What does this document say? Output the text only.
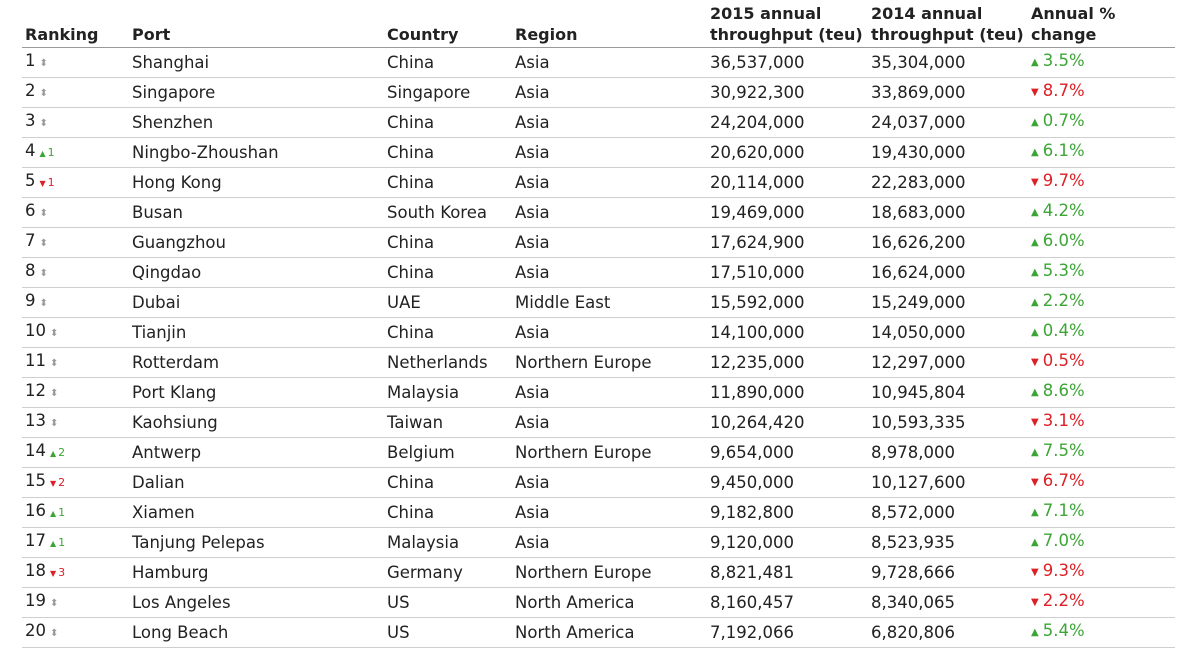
Ranking	Port	Country	Region	2015 annual throughput (teu)	2014 annual throughput (teu)	Annual % change
1 ⬍	Shanghai	China	Asia	36,537,000	35,304,000	▲ 3.5%
2 ⬍	Singapore	Singapore	Asia	30,922,300	33,869,000	▼ 8.7%
3 ⬍	Shenzhen	China	Asia	24,204,000	24,037,000	▲ 0.7%
4 ▲ 1	Ningbo-Zhoushan	China	Asia	20,620,000	19,430,000	▲ 6.1%
5 ▼ 1	Hong Kong	China	Asia	20,114,000	22,283,000	▼ 9.7%
6 ⬍	Busan	South Korea	Asia	19,469,000	18,683,000	▲ 4.2%
7 ⬍	Guangzhou	China	Asia	17,624,900	16,626,200	▲ 6.0%
8 ⬍	Qingdao	China	Asia	17,510,000	16,624,000	▲ 5.3%
9 ⬍	Dubai	UAE	Middle East	15,592,000	15,249,000	▲ 2.2%
10 ⬍	Tianjin	China	Asia	14,100,000	14,050,000	▲ 0.4%
11 ⬍	Rotterdam	Netherlands	Northern Europe	12,235,000	12,297,000	▼ 0.5%
12 ⬍	Port Klang	Malaysia	Asia	11,890,000	10,945,804	▲ 8.6%
13 ⬍	Kaohsiung	Taiwan	Asia	10,264,420	10,593,335	▼ 3.1%
14 ▲ 2	Antwerp	Belgium	Northern Europe	9,654,000	8,978,000	▲ 7.5%
15 ▼ 2	Dalian	China	Asia	9,450,000	10,127,600	▼ 6.7%
16 ▲ 1	Xiamen	China	Asia	9,182,800	8,572,000	▲ 7.1%
17 ▲ 1	Tanjung Pelepas	Malaysia	Asia	9,120,000	8,523,935	▲ 7.0%
18 ▼ 3	Hamburg	Germany	Northern Europe	8,821,481	9,728,666	▼ 9.3%
19 ⬍	Los Angeles	US	North America	8,160,457	8,340,065	▼ 2.2%
20 ⬍	Long Beach	US	North America	7,192,066	6,820,806	▲ 5.4%
